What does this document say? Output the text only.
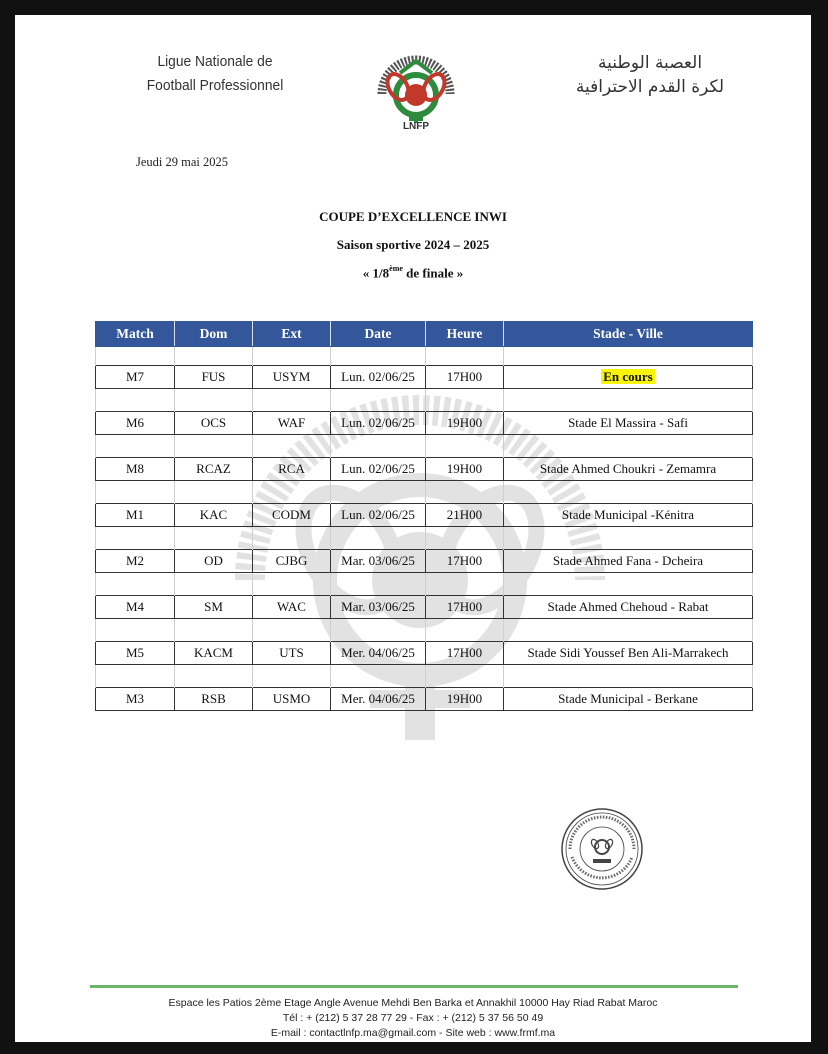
Ligue Nationale de
Football Professionnel
LNFP
العصبة الوطنية
لكرة القدم الاحترافية
Jeudi 29 mai 2025
COUPE D’EXCELLENCE INWI
Saison sportive 2024 – 2025
« 1/8ème de finale »
Match	Dom	Ext	Date	Heure	Stade - Ville

M7	FUS	USYM	Lun. 02/06/25	17H00	En cours

M6	OCS	WAF	Lun. 02/06/25	19H00	Stade El Massira - Safi

M8	RCAZ	RCA	Lun. 02/06/25	19H00	Stade Ahmed Choukri - Zemamra

M1	KAC	CODM	Lun. 02/06/25	21H00	Stade Municipal -Kénitra

M2	OD	CJBG	Mar. 03/06/25	17H00	Stade Ahmed Fana - Dcheira

M4	SM	WAC	Mar. 03/06/25	17H00	Stade Ahmed Chehoud - Rabat

M5	KACM	UTS	Mer. 04/06/25	17H00	Stade Sidi Youssef Ben Ali-Marrakech

M3	RSB	USMO	Mer. 04/06/25	19H00	Stade Municipal - Berkane
Espace les Patios 2ème Etage Angle Avenue Mehdi Ben Barka et Annakhil 10000 Hay Riad Rabat Maroc
Tél : + (212) 5 37 28 77 29 - Fax : + (212) 5 37 56 50 49
E-mail : contactlnfp.ma@gmail.com - Site web : www.frmf.ma
